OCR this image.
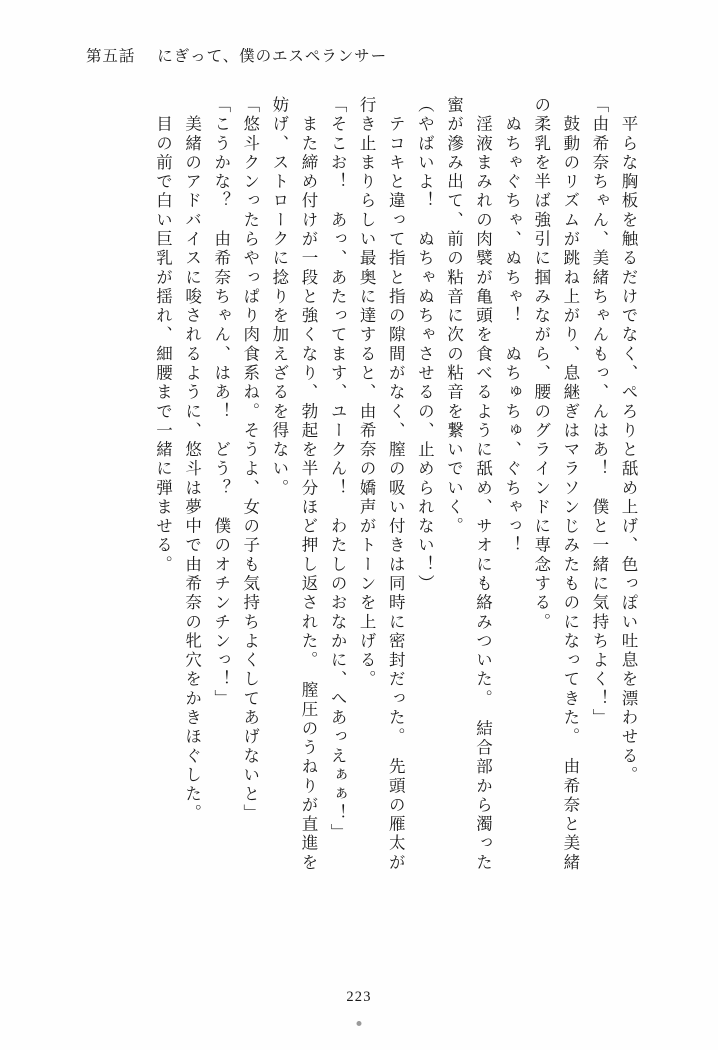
第五話 にぎって、僕のエスペランサー
　平らな胸板を触るだけでなく、ぺろりと舐め上げ、色っぽい吐息を漂わせる。
「由希奈ちゃん、美緒ちゃんもっ、んはあ！　僕と一緒に気持ちよく！」
　鼓動のリズムが跳ね上がり、息継ぎはマラソンじみたものになってきた。　由希奈と美緒
の柔乳を半ば強引に掴みながら、腰のグラインドに専念する。
　ぬちゃぐちゃ、ぬちゃ！　ぬちゅちゅ、ぐちゃっ！
　淫液まみれの肉襞が亀頭を食べるように舐め、サオにも絡みついた。　結合部から濁った
蜜が滲み出て、前の粘音に次の粘音を繋いでいく。
（やばいよ！　ぬちゃぬちゃさせるの、止められない！）
　テコキと違って指と指の隙間がなく、膣の吸い付きは同時に密封だった。　先頭の雁太が
行き止まりらしい最奥に達すると、由希奈の嬌声がトーンを上げる。
「そこお！　あっ、あたってます、ユークん！　わたしのおなかに、へあっえぁぁ！」
　また締め付けが一段と強くなり、勃起を半分ほど押し返された。　膣圧のうねりが直進を
妨げ、ストロークに捻りを加えざるを得ない。
「悠斗クンったらやっぱり肉食系ね。そうよ、女の子も気持ちよくしてあげないと」
「こうかな？　由希奈ちゃん、はあ！　どう？　僕のオチンチンっ！」
　美緒のアドバイスに唆されるように、悠斗は夢中で由希奈の牝穴をかきほぐした。
　目の前で白い巨乳が揺れ、細腰まで一緒に弾ませる。
223
